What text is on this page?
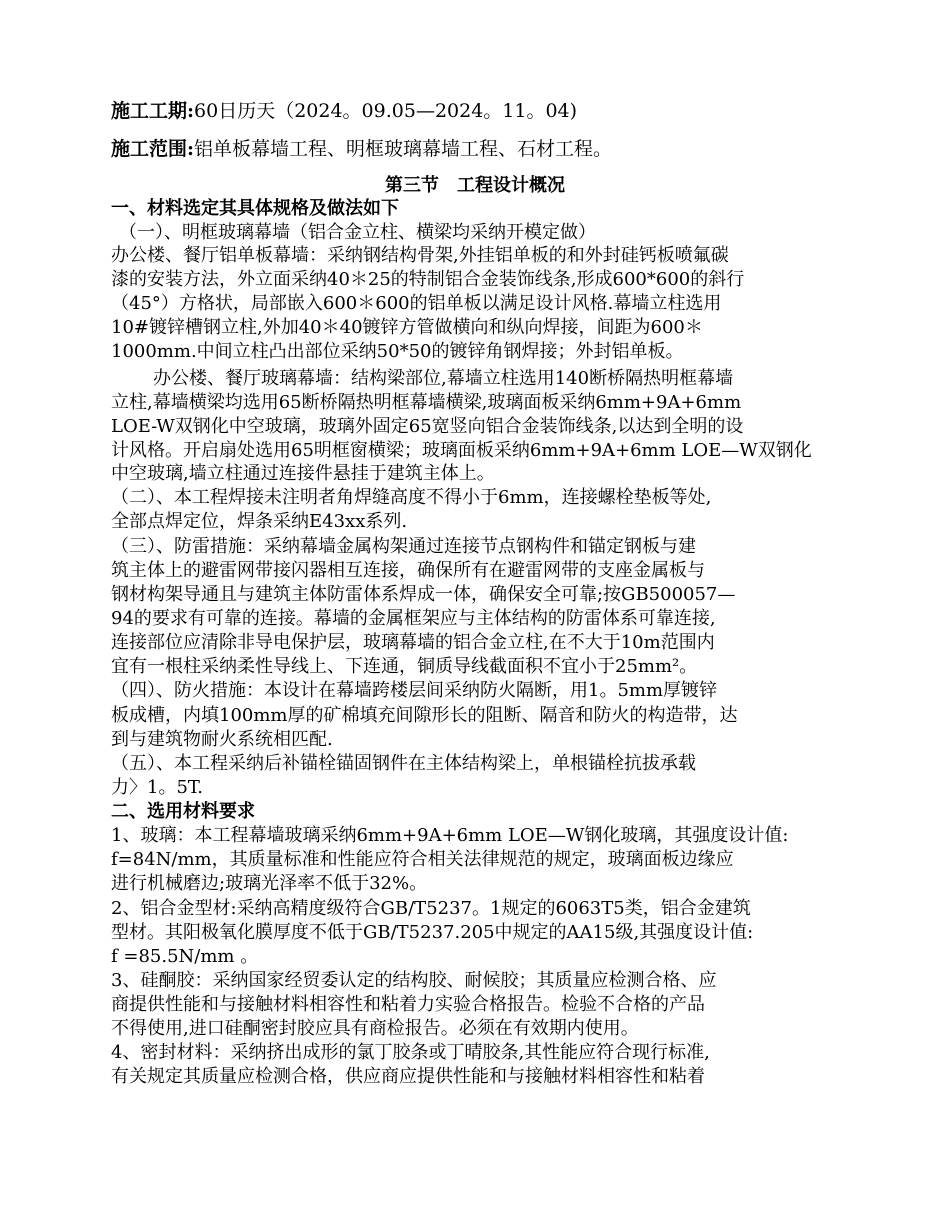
施工工期:60日历天（2024。09.05—2024。11。04)
施工范围:铝单板幕墙工程、明框玻璃幕墙工程、石材工程。
第三节　工程设计概况
一、材料选定其具体规格及做法如下
（一）、明框玻璃幕墙（铝合金立柱、横梁均采纳开模定做）
办公楼、餐厅铝单板幕墙：采纳钢结构骨架,外挂铝单板的和外封硅钙板喷氟碳
漆的安装方法，外立面采纳40＊25的特制铝合金装饰线条,形成600*600的斜行
（45°）方格状，局部嵌入600＊600的铝单板以满足设计风格.幕墙立柱选用
10#镀锌槽钢立柱,外加40＊40镀锌方管做横向和纵向焊接，间距为600＊
1000mm.中间立柱凸出部位采纳50*50的镀锌角钢焊接；外封铝单板。
办公楼、餐厅玻璃幕墙：结构梁部位,幕墙立柱选用140断桥隔热明框幕墙
立柱,幕墙横梁均选用65断桥隔热明框幕墙横梁,玻璃面板采纳6mm+9A+6mm
LOE-W双钢化中空玻璃，玻璃外固定65宽竖向铝合金装饰线条,以达到全明的设
计风格。开启扇处选用65明框窗横梁；玻璃面板采纳6mm+9A+6mm LOE—W双钢化
中空玻璃,墙立柱通过连接件悬挂于建筑主体上。
（二）、本工程焊接未注明者角焊缝高度不得小于6mm，连接螺栓垫板等处,
全部点焊定位，焊条采纳E43xx系列.
（三）、防雷措施：采纳幕墙金属构架通过连接节点钢构件和锚定钢板与建
筑主体上的避雷网带接闪器相互连接，确保所有在避雷网带的支座金属板与
钢材构架导通且与建筑主体防雷体系焊成一体，确保安全可靠;按GB500057—
94的要求有可靠的连接。幕墙的金属框架应与主体结构的防雷体系可靠连接,
连接部位应清除非导电保护层，玻璃幕墙的铝合金立柱,在不大于10m范围内
宜有一根柱采纳柔性导线上、下连通，铜质导线截面积不宜小于25mm²。
（四）、防火措施：本设计在幕墙跨楼层间采纳防火隔断，用1。5mm厚镀锌
板成槽，内填100mm厚的矿棉填充间隙形长的阻断、隔音和防火的构造带，达
到与建筑物耐火系统相匹配.
（五）、本工程采纳后补锚栓锚固钢件在主体结构梁上，单根锚栓抗拔承载
力〉1。5T.
二、选用材料要求
1、玻璃：本工程幕墙玻璃采纳6mm+9A+6mm LOE—W钢化玻璃，其强度设计值:
f=84N/mm，其质量标准和性能应符合相关法律规范的规定，玻璃面板边缘应
进行机械磨边;玻璃光泽率不低于32%。
2、铝合金型材:采纳高精度级符合GB/T5237。1规定的6063T5类，铝合金建筑
型材。其阳极氧化膜厚度不低于GB/T5237.205中规定的AA15级,其强度设计值:
f =85.5N/mm 。
3、硅酮胶：采纳国家经贸委认定的结构胶、耐候胶；其质量应检测合格、应
商提供性能和与接触材料相容性和粘着力实验合格报告。检验不合格的产品
不得使用,进口硅酮密封胶应具有商检报告。必须在有效期内使用。
4、密封材料：采纳挤出成形的氯丁胶条或丁晴胶条,其性能应符合现行标准,
有关规定其质量应检测合格，供应商应提供性能和与接触材料相容性和粘着
